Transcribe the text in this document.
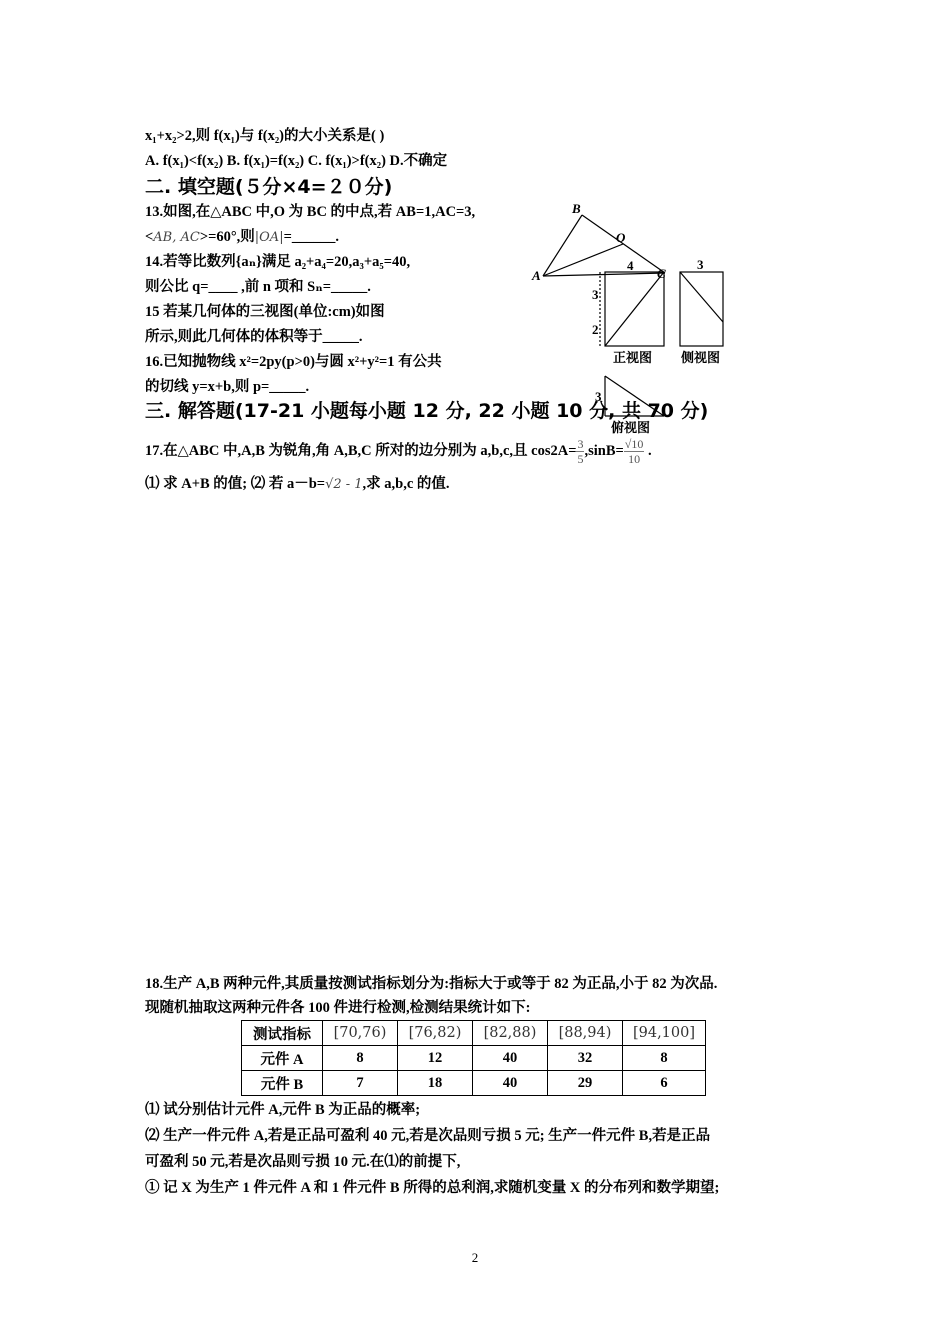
x₁+x₂>2,则 f(x₁)与 f(x₂)的大小关系是( )
A. f(x₁)<f(x₂) B. f(x₁)=f(x₂) C. f(x₁)>f(x₂) D.不确定
二. 填空题(５分×4=２０分)
13.如图,在△ABC 中,O 为 BC 的中点,若 AB=1,AC=3,
<AB, AC>=60°,则|OA|=______.
14.若等比数列{aₙ}满足 a₂+a₄=20,a₃+a₅=40,
则公比 q=____ ,前 n 项和 Sₙ=_____.
15 若某几何体的三视图(单位:cm)如图
所示,则此几何体的体积等于_____.
16.已知抛物线 x²=2py(p>0)与圆 x²+y²=1 有公共
的切线 y=x+b,则 p=_____.
B
O
A	C
4
3
2
正视图
3
侧视图
3
俯视图
三. 解答题(17-21 小题每小题 12 分, 22 小题 10 分, 共 70 分)
17.在△ABC 中,A,B 为锐角,角 A,B,C 所对的边分别为 a,b,c,且 $\cos 2A= \frac{3}{5} ,\sin B= \frac{√10}{10}$ .
⑴ 求 A+B 的值; ⑵ 若 a－b=√2 - 1,求 a,b,c 的值.
18.生产 A,B 两种元件,其质量按测试指标划分为:指标大于或等于 82 为正品,小于 82 为次品.
现随机抽取这两种元件各 100 件进行检测,检测结果统计如下:
测试指标	[70,76)	[76,82)	[82,88)	[88,94)	[94,100]
元件 A	8	12	40	32	8
元件 B	7	18	40	29	6
⑴ 试分别估计元件 A,元件 B 为正品的概率;
⑵ 生产一件元件 A,若是正品可盈利 40 元,若是次品则亏损 5 元; 生产一件元件 B,若是正品
可盈利 50 元,若是次品则亏损 10 元.在⑴的前提下,
① 记 X 为生产 1 件元件 A 和 1 件元件 B 所得的总利润,求随机变量 X 的分布列和数学期望;
2
